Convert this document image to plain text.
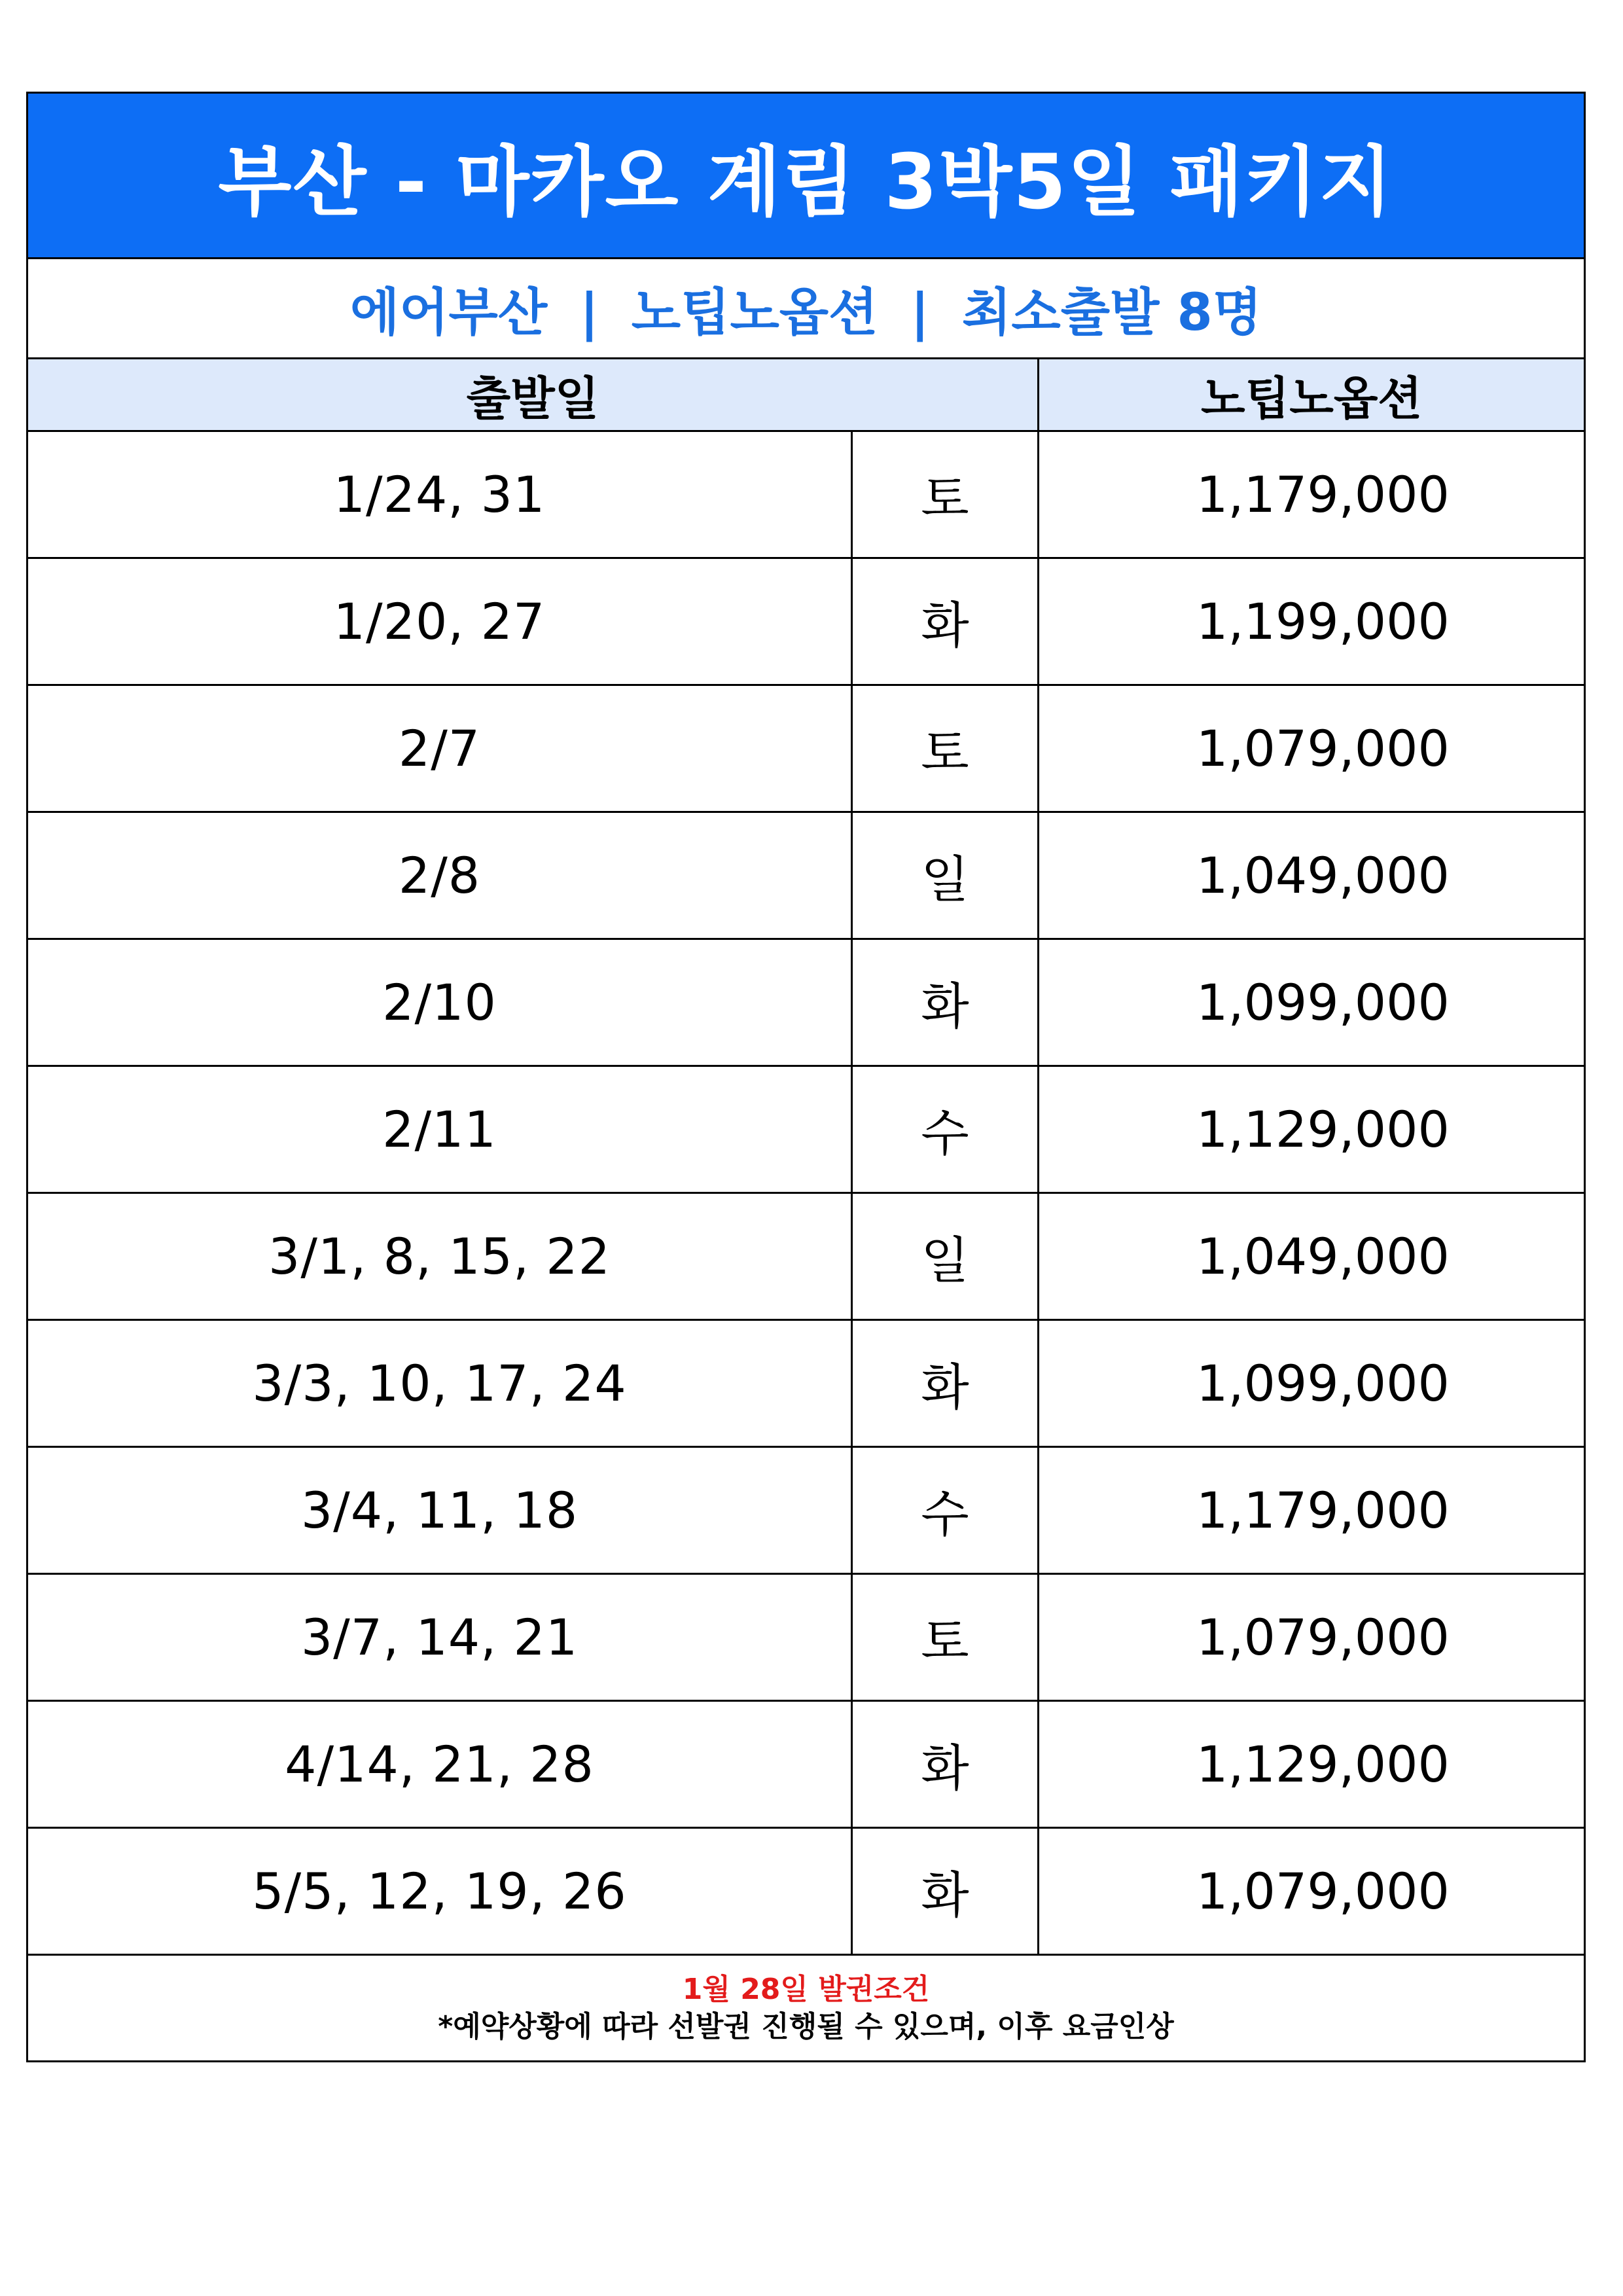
부산 - 마카오 계림 3박5일 패키지		
에어부산 | 노팁노옵션 | 최소출발 8명		
출발일		노팁노옵션
1/24, 31	토	1,179,000
1/20, 27	화	1,199,000
2/7	토	1,079,000
2/8	일	1,049,000
2/10	화	1,099,000
2/11	수	1,129,000
3/1, 8, 15, 22	일	1,049,000
3/3, 10, 17, 24	화	1,099,000
3/4, 11, 18	수	1,179,000
3/7, 14, 21	토	1,079,000
4/14, 21, 28	화	1,129,000
5/5, 12, 19, 26	화	1,079,000

1월 28일 발권조건
*예약상황에 따라 선발권 진행될 수 있으며, 이후 요금인상		
